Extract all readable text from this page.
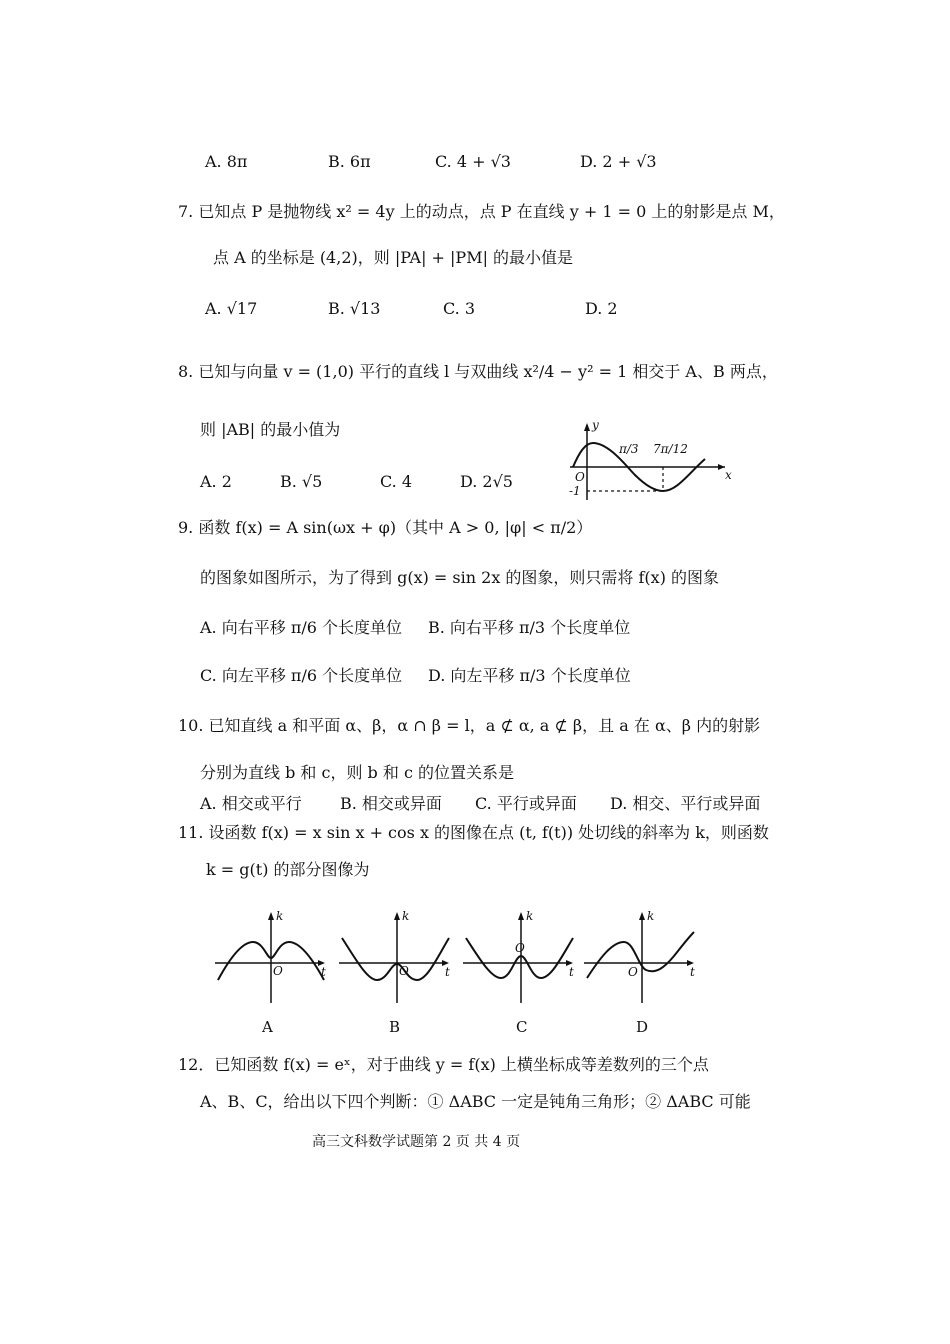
A. 8π	B. 6π	C. 4 + √3	D. 2 + √3
7. 已知点 P 是抛物线 x² = 4y 上的动点，点 P 在直线 y + 1 = 0 上的射影是点 M，
点 A 的坐标是 (4,2)，则 |PA| + |PM| 的最小值是
A. √17	B. √13	C. 3	D. 2
8. 已知与向量 v = (1,0) 平行的直线 l 与双曲线 x²/4 − y² = 1 相交于 A、B 两点，
则 |AB| 的最小值为
A. 2	B. √5	C. 4	D. 2√5
y
x
O
-1
π/3 7π/12
9. 函数 f(x) = A sin(ωx + φ)（其中 A > 0, |φ| < π/2）
的图象如图所示，为了得到 g(x) = sin 2x 的图象，则只需将 f(x) 的图象
A. 向右平移 π/6 个长度单位 B. 向右平移 π/3 个长度单位
C. 向左平移 π/6 个长度单位 D. 向左平移 π/3 个长度单位
10. 已知直线 a 和平面 α、β，α ∩ β = l，a ⊄ α, a ⊄ β，且 a 在 α、β 内的射影
分别为直线 b 和 c，则 b 和 c 的位置关系是
A. 相交或平行 B. 相交或异面 C. 平行或异面 D. 相交、平行或异面
11. 设函数 f(x) = x sin x + cos x 的图像在点 (t, f(t)) 处切线的斜率为 k，则函数
k = g(t) 的部分图像为
k
t
O
k
t
O
k
t
O
k
t
O
A	B	C	D
12．已知函数 f(x) = eˣ，对于曲线 y = f(x) 上横坐标成等差数列的三个点
A、B、C，给出以下四个判断：① ΔABC 一定是钝角三角形；② ΔABC 可能
高三文科数学试题第 2 页 共 4 页
